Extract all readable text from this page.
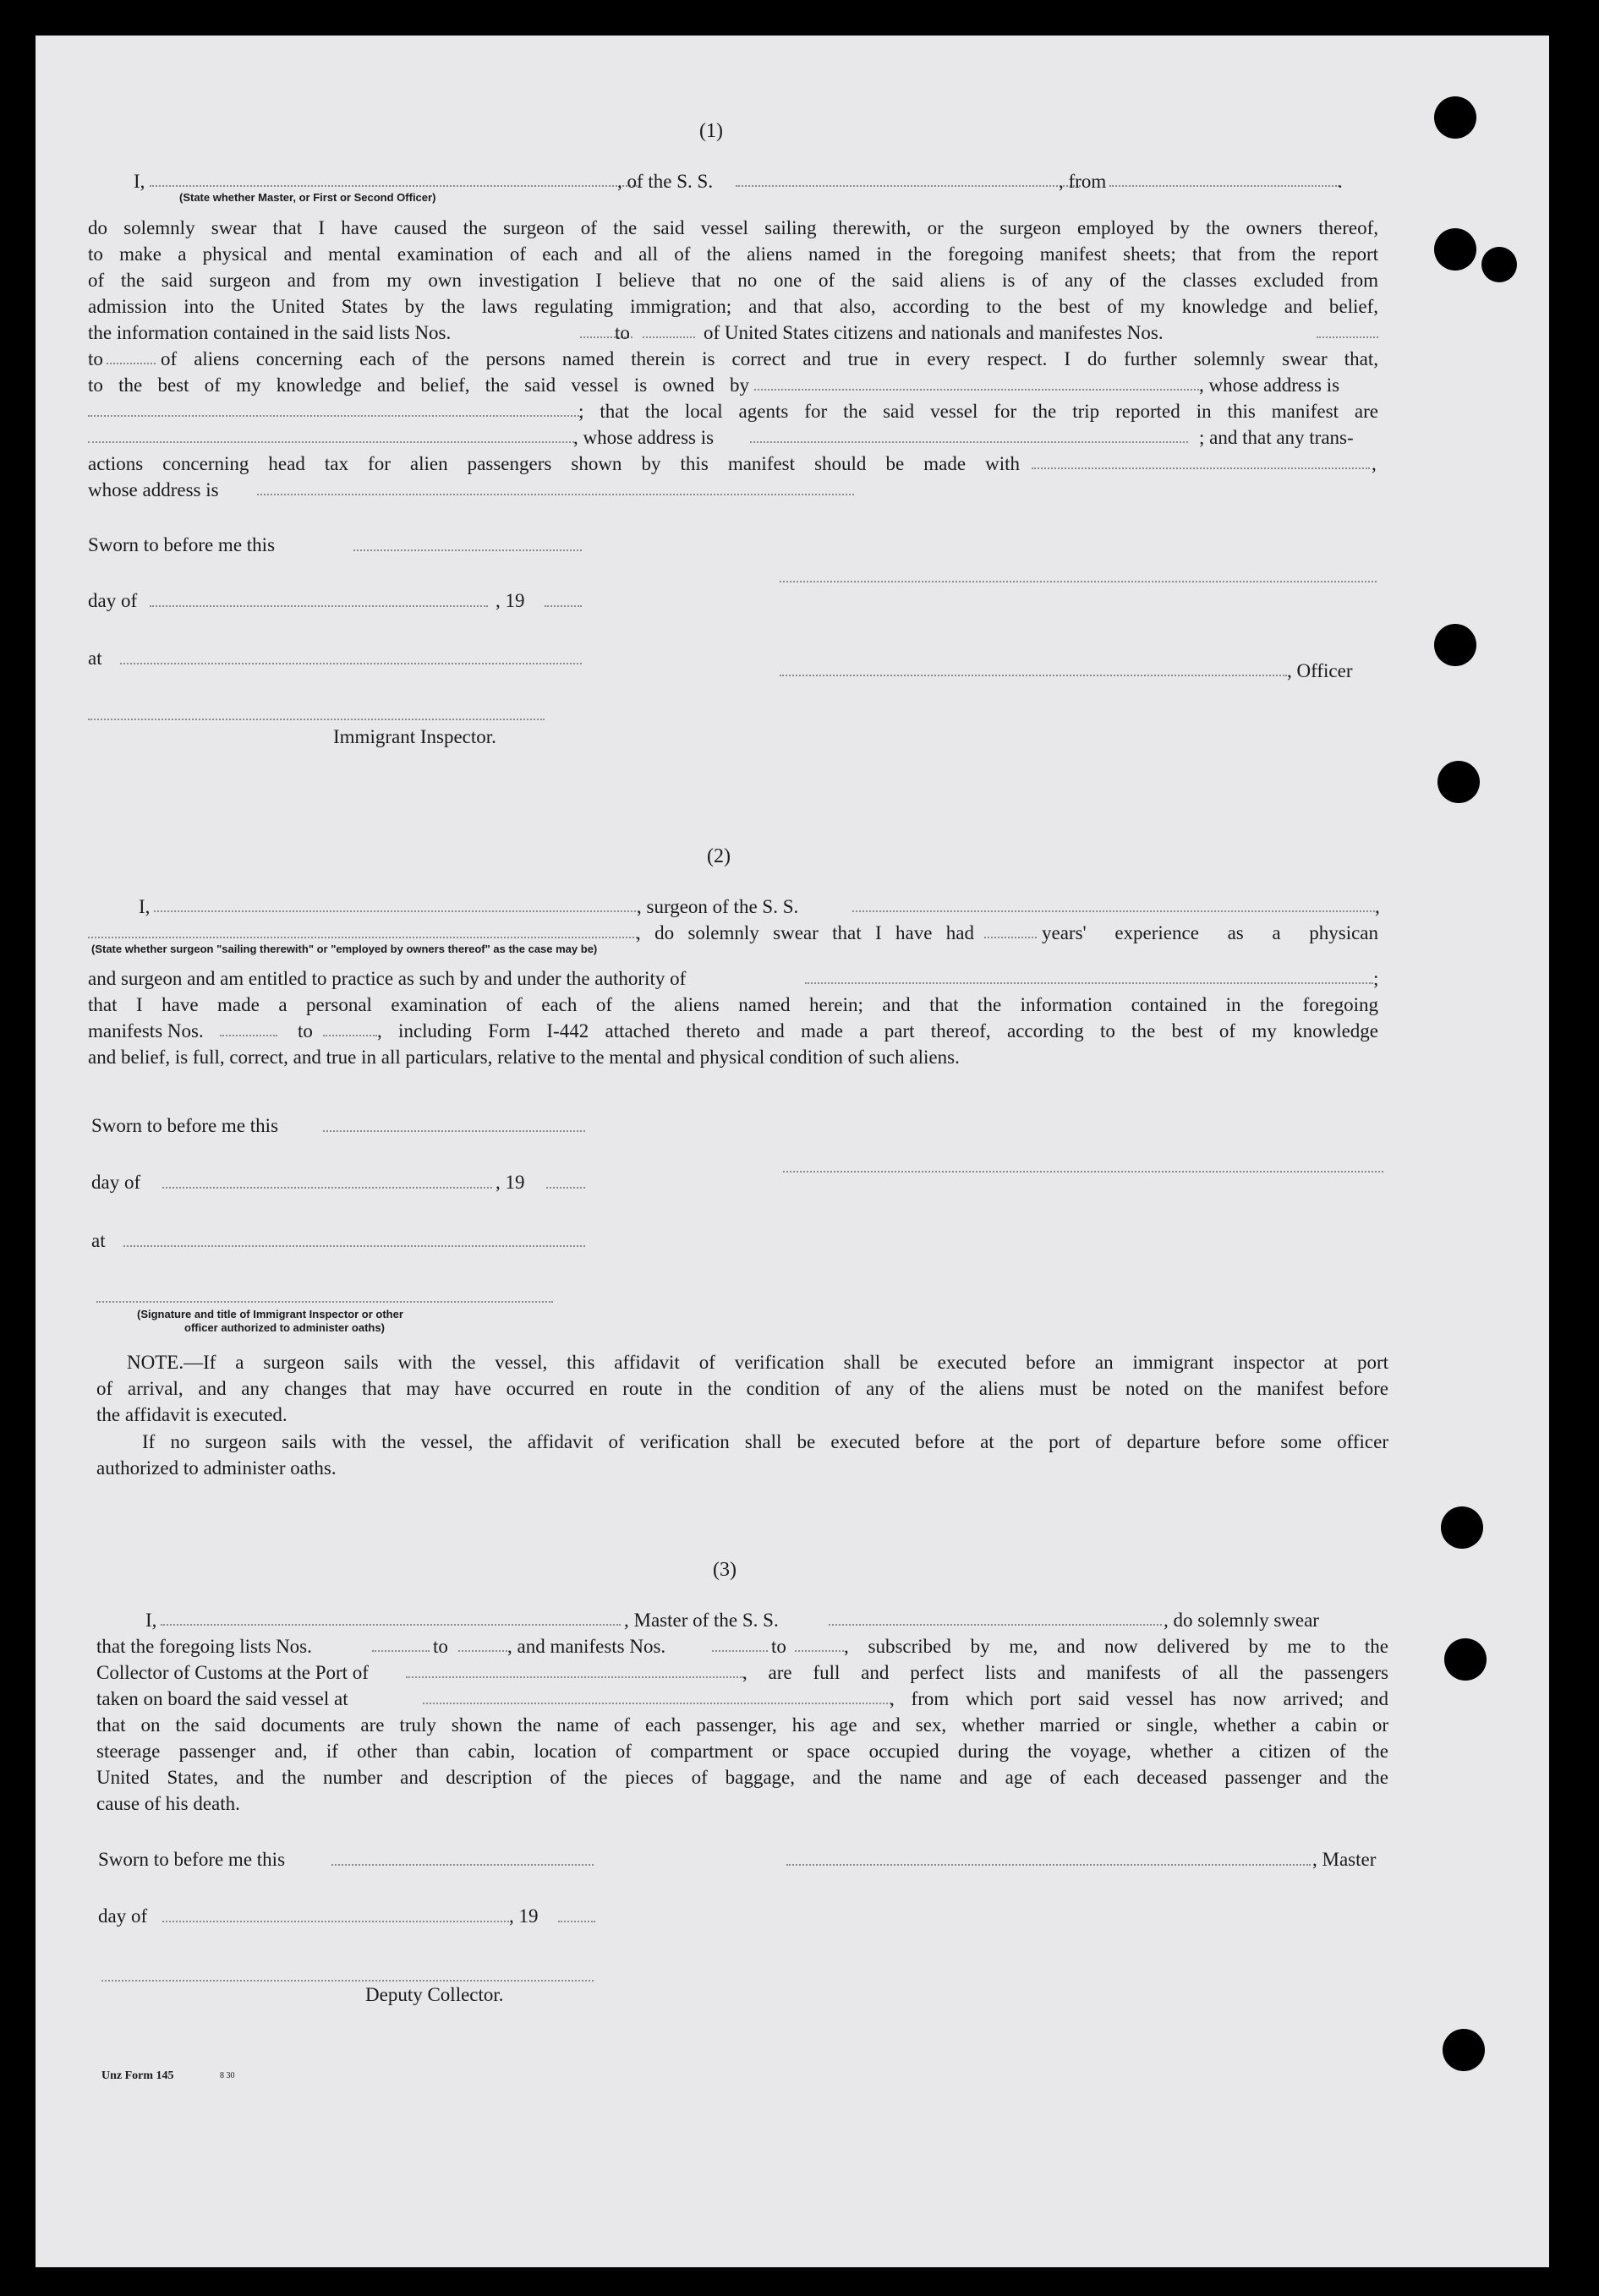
(1)
I,	, of the S. S.	, from	.
(State whether Master, or First or Second Officer)
do solemnly swear that I have caused the surgeon of the said vessel sailing therewith, or the surgeon employed by the owners thereof,
to make a physical and mental examination of each and all of the aliens named in the foregoing manifest sheets; that from the report
of the said surgeon and from my own investigation I believe that no one of the said aliens is of any of the classes excluded from
admission into the United States by the laws regulating immigration; and that also, according to the best of my knowledge and belief,
the information contained in the said lists Nos.	to	of United States citizens and nationals and manifestes Nos.
to	of aliens concerning each of the persons named therein is correct and true in every respect. I do further solemnly swear that,
to the best of my knowledge and belief, the said vessel is owned by	, whose address is
; that the local agents for the said vessel for the trip reported in this manifest are
, whose address is	; and that any trans-
actions concerning head tax for alien passengers shown by this manifest should be made with	,
whose address is
Sworn to before me this
day of	, 19
at
, Officer
Immigrant Inspector.
(2)
I,	, surgeon of the S. S.	,
, do solemnly swear that I have had	years' experience as a physican
(State whether surgeon "sailing therewith" or "employed by owners thereof" as the case may be)
and surgeon and am entitled to practice as such by and under the authority of	;
that I have made a personal examination of each of the aliens named herein; and that the information contained in the foregoing
manifests Nos.	to	, including Form I-442 attached thereto and made a part thereof, according to the best of my knowledge
and belief, is full, correct, and true in all particulars, relative to the mental and physical condition of such aliens.
Sworn to before me this
day of	, 19
at
(Signature and title of Immigrant Inspector or other
officer authorized to administer oaths)
NOTE.—If a surgeon sails with the vessel, this affidavit of verification shall be executed before an immigrant inspector at port
of arrival, and any changes that may have occurred en route in the condition of any of the aliens must be noted on the manifest before
the affidavit is executed.
If no surgeon sails with the vessel, the affidavit of verification shall be executed before at the port of departure before some officer
authorized to administer oaths.
(3)
I,	, Master of the S. S.	, do solemnly swear
that the foregoing lists Nos.	to	, and manifests Nos.	to	, subscribed by me, and now delivered by me to the
Collector of Customs at the Port of	, are full and perfect lists and manifests of all the passengers
taken on board the said vessel at	, from which port said vessel has now arrived; and
that on the said documents are truly shown the name of each passenger, his age and sex, whether married or single, whether a cabin or
steerage passenger and, if other than cabin, location of compartment or space occupied during the voyage, whether a citizen of the
United States, and the number and description of the pieces of baggage, and the name and age of each deceased passenger and the
cause of his death.
Sworn to before me this	, Master
day of	, 19
Deputy Collector.
Unz Form 145	8 30
